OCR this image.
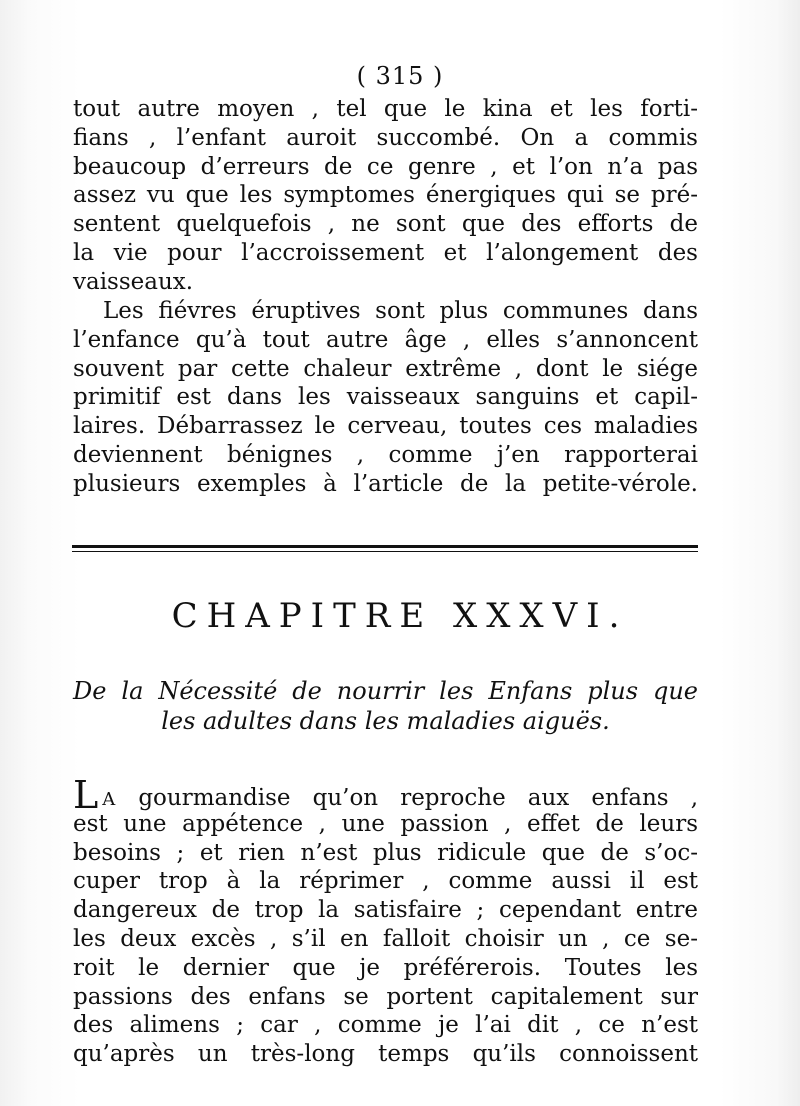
( 315 )
tout autre moyen , tel que le kina et les forti-
fians , l’enfant auroit succombé. On a commis
beaucoup d’erreurs de ce genre , et l’on n’a pas
assez vu que les symptomes énergiques qui se pré-
sentent quelquefois , ne sont que des efforts de
la vie pour l’accroissement et l’alongement des
vaisseaux.
Les fiévres éruptives sont plus communes dans
l’enfance qu’à tout autre âge , elles s’annoncent
souvent par cette chaleur extrême , dont le siége
primitif est dans les vaisseaux sanguins et capil-
laires. Débarrassez le cerveau, toutes ces maladies
deviennent bénignes , comme j’en rapporterai
plusieurs exemples à l’article de la petite-vérole.
CHAPITRE XXXVI.
De la Nécessité de nourrir les Enfans plus que
les adultes dans les maladies aiguës.
L A gourmandise qu’on reproche aux enfans ,
est une appétence , une passion , effet de leurs
besoins ; et rien n’est plus ridicule que de s’oc-
cuper trop à la réprimer , comme aussi il est
dangereux de trop la satisfaire ; cependant entre
les deux excès , s’il en falloit choisir un , ce se-
roit le dernier que je préférerois. Toutes les
passions des enfans se portent capitalement sur
des alimens ; car , comme je l’ai dit , ce n’est
qu’après un très-long temps qu’ils connoissent
